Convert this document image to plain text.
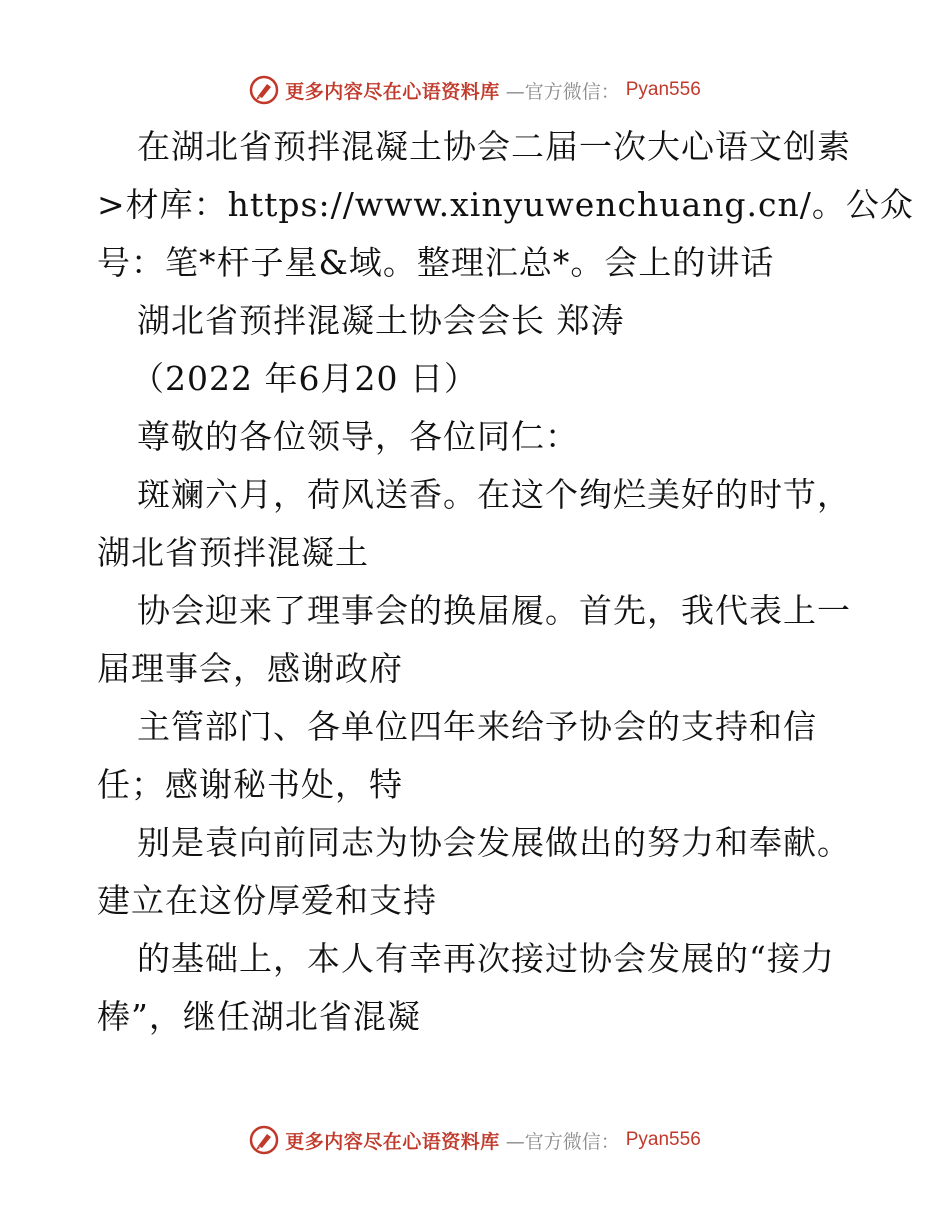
更多内容尽在心语资料库 —官方微信： Pyan556
在湖北省预拌混凝土协会二届一次大心语文创素
>材库：https://www.xinyuwenchuang.cn/。公众
号：笔*杆子星&域。整理汇总*。会上的讲话
湖北省预拌混凝土协会会长 郑涛
（2022 年6月20 日）
尊敬的各位领导，各位同仁：
斑斓六月，荷风送香。在这个绚烂美好的时节，
湖北省预拌混凝土
协会迎来了理事会的换届履。首先，我代表上一
届理事会，感谢政府
主管部门、各单位四年来给予协会的支持和信
任；感谢秘书处，特
别是袁向前同志为协会发展做出的努力和奉献。
建立在这份厚爱和支持
的基础上，本人有幸再次接过协会发展的“接力
棒”，继任湖北省混凝
更多内容尽在心语资料库 —官方微信： Pyan556
